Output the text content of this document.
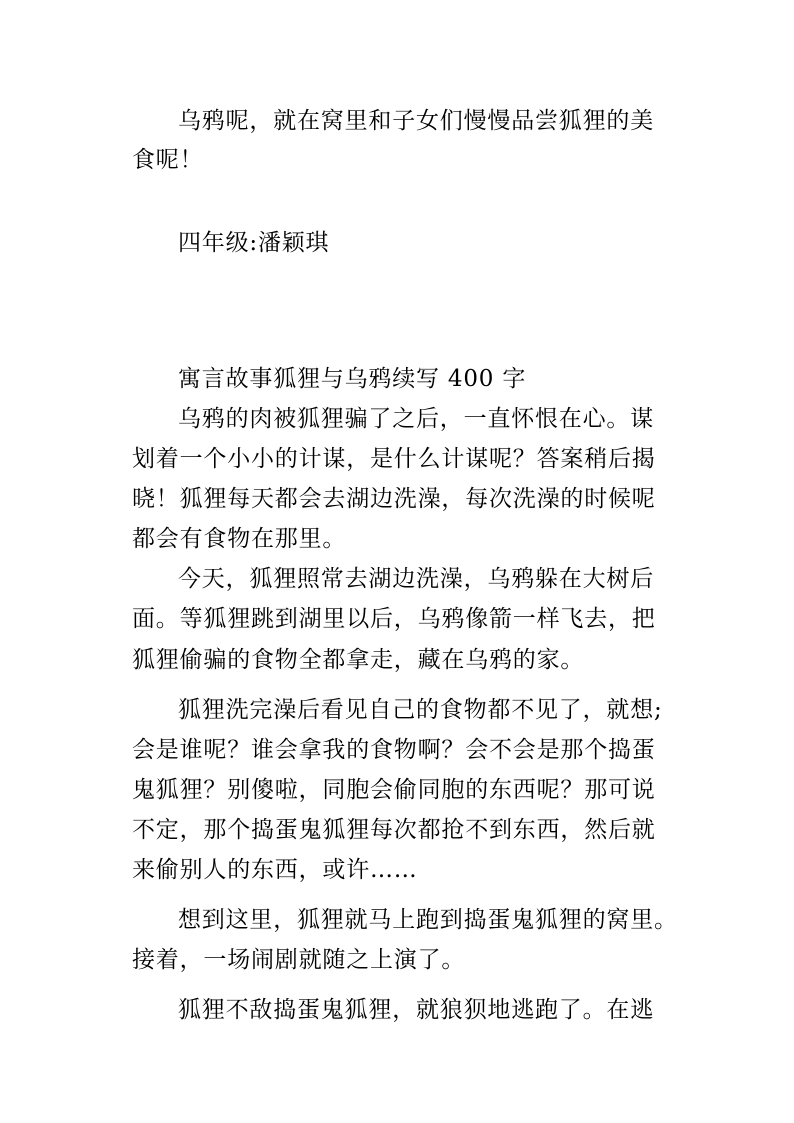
乌鸦呢，就在窝里和子女们慢慢品尝狐狸的美
食呢！
四年级:潘颖琪
寓言故事狐狸与乌鸦续写 400 字
乌鸦的肉被狐狸骗了之后，一直怀恨在心。谋
划着一个小小的计谋，是什么计谋呢？答案稍后揭
晓！狐狸每天都会去湖边洗澡，每次洗澡的时候呢
都会有食物在那里。
今天，狐狸照常去湖边洗澡，乌鸦躲在大树后
面。等狐狸跳到湖里以后，乌鸦像箭一样飞去，把
狐狸偷骗的食物全都拿走，藏在乌鸦的家。
狐狸洗完澡后看见自己的食物都不见了，就想;
会是谁呢？谁会拿我的食物啊？会不会是那个捣蛋
鬼狐狸？别傻啦，同胞会偷同胞的东西呢？那可说
不定，那个捣蛋鬼狐狸每次都抢不到东西，然后就
来偷别人的东西，或许……
想到这里，狐狸就马上跑到捣蛋鬼狐狸的窝里。
接着，一场闹剧就随之上演了。
狐狸不敌捣蛋鬼狐狸，就狼狈地逃跑了。在逃
